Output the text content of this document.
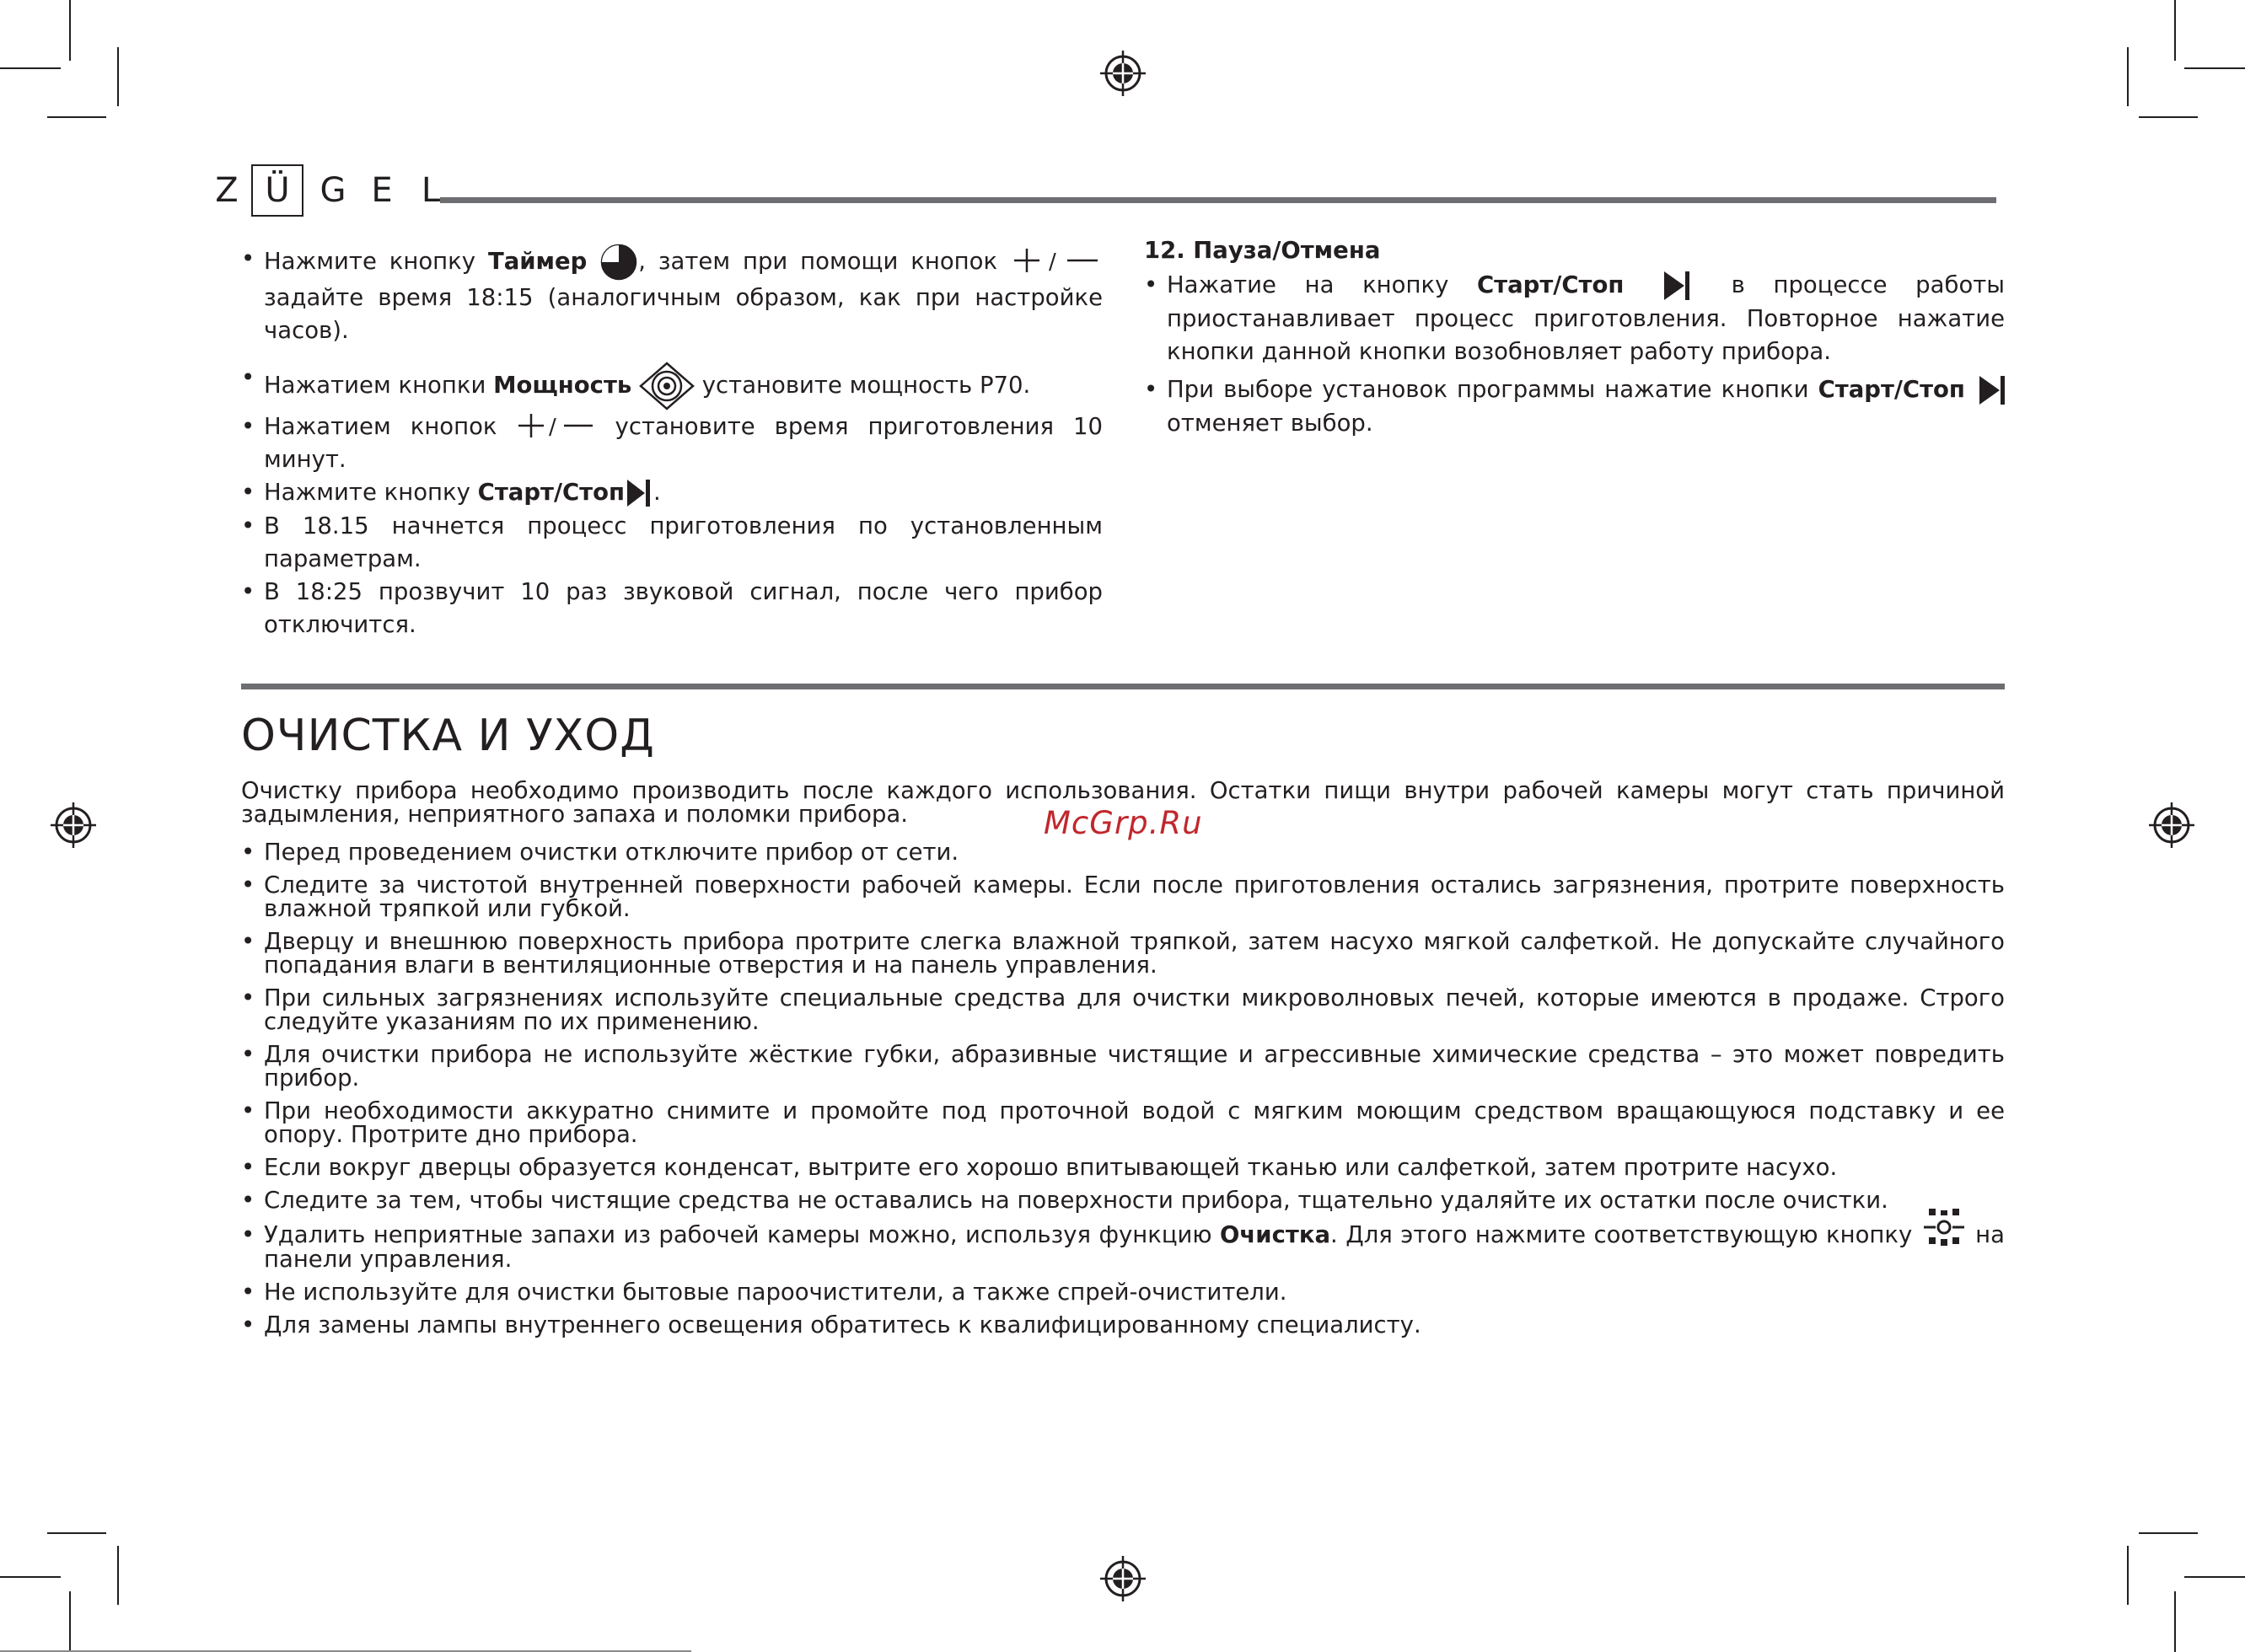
Z Ü G E L
• Нажмите кнопку Таймер , затем при помощи кнопок /
задайте время 18:15 (аналогичным образом, как при настройке часов).
• Нажатием кнопки Мощность	установите мощность P70.
• Нажатием кнопок /	установите время приготовления 10 минут.
• Нажмите кнопку Старт/Стоп .
• В 18.15 начнется процесс приготовления по установленным параметрам.
• В 18:25 прозвучит 10 раз звуковой сигнал, после чего прибор отключится.
12. Пауза/Отмена
• Нажатие на кнопку Старт/Стоп	в процессе работы приостанавливает процесс приготовления. Повторное нажатие кнопки данной кнопки возобновляет работу прибора.
• При выборе установок программы нажатие кнопки Старт/Стоп  отменяет выбор.
ОЧИСТКА И УХОД

Очистку прибора необходимо производить после каждого использования. Остатки пищи внутри рабочей камеры могут стать причиной задымления, неприятного запаха и поломки прибора.

• Перед проведением очистки отключите прибор от сети.
• Следите за чистотой внутренней поверхности рабочей камеры. Если после приготовления остались загрязнения, протрите поверхность влажной тряпкой или губкой.
• Дверцу и внешнюю поверхность прибора протрите слегка влажной тряпкой, затем насухо мягкой салфеткой. Не допускайте случайного попадания влаги в вентиляционные отверстия и на панель управления.
• При сильных загрязнениях используйте специальные средства для очистки микроволновых печей, которые имеются в продаже. Строго следуйте указаниям по их применению.
• Для очистки прибора не используйте жёсткие губки, абразивные чистящие и агрессивные химические средства – это может повредить прибор.
• При необходимости аккуратно снимите и промойте под проточной водой с мягким моющим средством вращающуюся подставку и ее опору. Протрите дно прибора.
• Если вокруг дверцы образуется конденсат, вытрите его хорошо впитывающей тканью или салфеткой, затем протрите насухо.
• Следите за тем, чтобы чистящие средства не оставались на поверхности прибора, тщательно удаляйте их остатки после очистки.
• Удалить неприятные запахи из рабочей камеры можно, используя функцию Очистка. Для этого нажмите соответствующую кнопку	на панели управления.
• Не используйте для очистки бытовые пароочистители, а также спрей-очистители.
• Для замены лампы внутреннего освещения обратитесь к квалифицированному специалисту.
McGrp.Ru
